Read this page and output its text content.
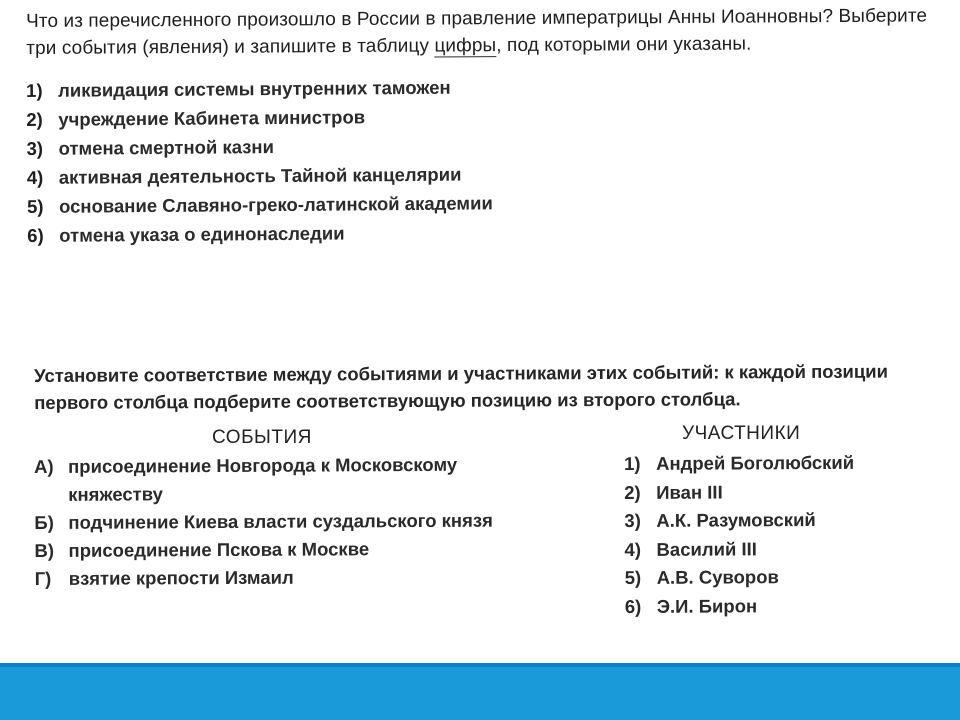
Что из перечисленного произошло в России в правление императрицы Анны Иоанновны? Выберите три события (явления) и запишите в таблицу цифры, под которыми они указаны.

1) ликвидация системы внутренних таможен
2) учреждение Кабинета министров
3) отмена смертной казни
4) активная деятельность Тайной канцелярии
5) основание Славяно-греко-латинской академии
6) отмена указа о единонаследии

Установите соответствие между событиями и участниками этих событий: к каждой позиции первого столбца подберите соответствующую позицию из второго столбца.

СОБЫТИЯ	УЧАСТНИКИ
А) присоединение Новгорода к Московскому княжеству
Б) подчинение Киева власти суздальского князя
В) присоединение Пскова к Москве
Г) взятие крепости Измаил
1) Андрей Боголюбский
2) Иван III
3) А.К. Разумовский
4) Василий III
5) А.В. Суворов
6) Э.И. Бирон
